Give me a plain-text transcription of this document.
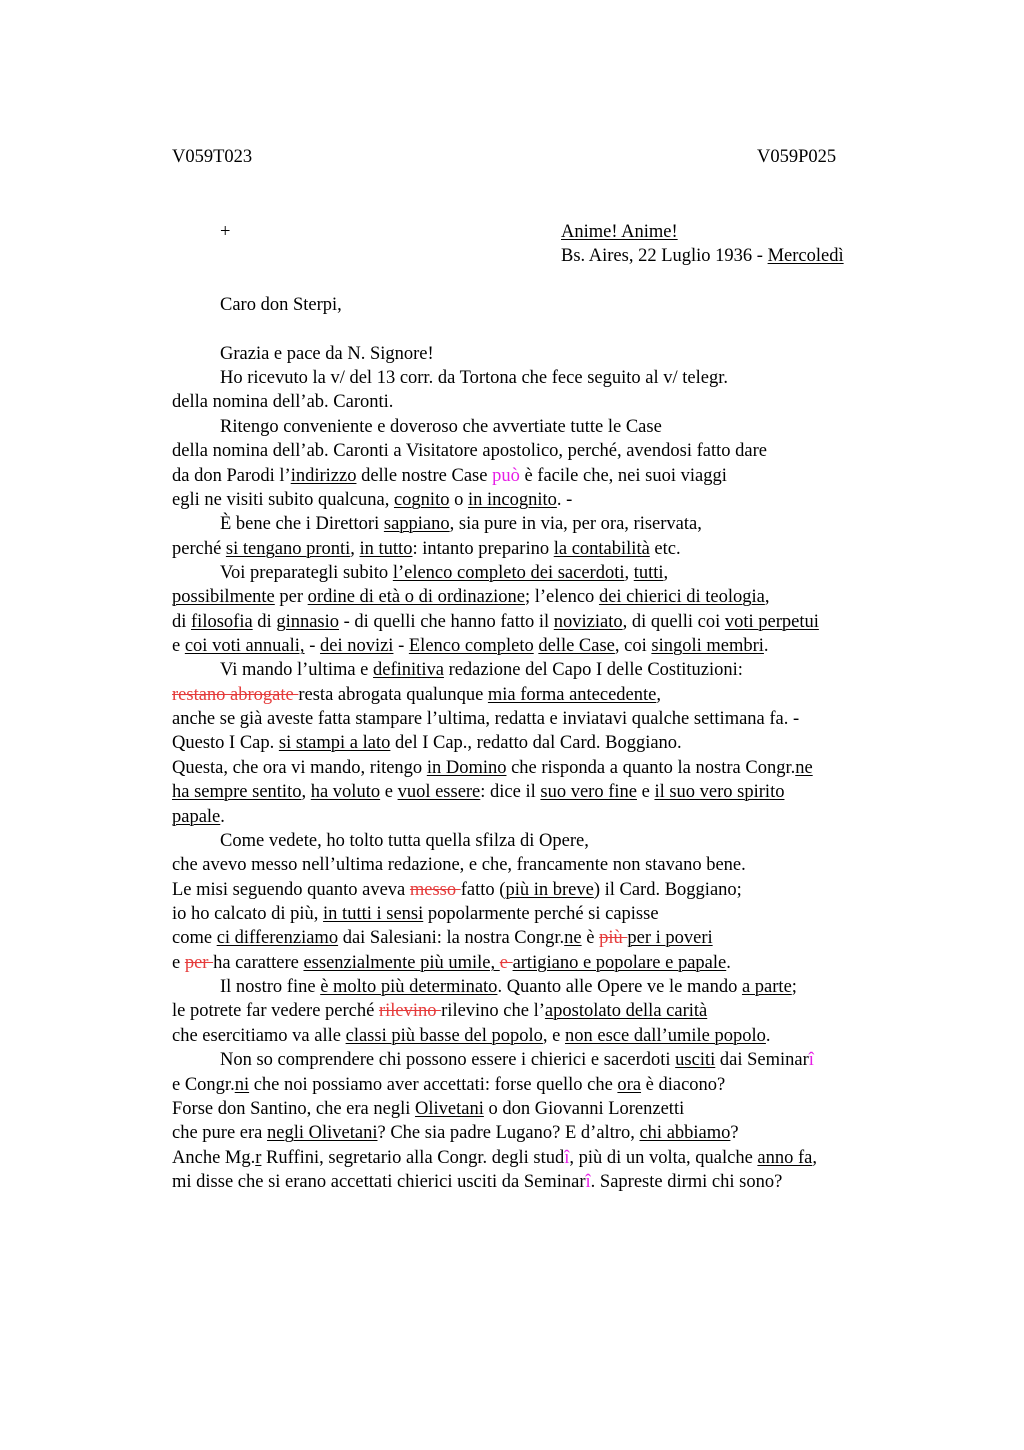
V059T023	V059P025
+	Anime! Anime!
Bs. Aires, 22 Luglio 1936 - Mercoledì
Caro don Sterpi,
Grazia e pace da N. Signore!
Ho ricevuto la v/ del 13 corr. da Tortona che fece seguito al v/ telegr.
della nomina dell’ab. Caronti.
Ritengo conveniente e doveroso che avvertiate tutte le Case
della nomina dell’ab. Caronti a Visitatore apostolico, perché, avendosi fatto dare
da don Parodi l’indirizzo delle nostre Case può è facile che, nei suoi viaggi
egli ne visiti subito qualcuna, cognito o in incognito. -
È bene che i Direttori sappiano, sia pure in via, per ora, riservata,
perché si tengano pronti, in tutto: intanto preparino la contabilità etc.
Voi preparategli subito l’elenco completo dei sacerdoti, tutti,
possibilmente per ordine di età o di ordinazione; l’elenco dei chierici di teologia,
di filosofia di ginnasio - di quelli che hanno fatto il noviziato, di quelli coi voti perpetui
e coi voti annuali, - dei novizi - Elenco completo delle Case, coi singoli membri.
Vi mando l’ultima e definitiva redazione del Capo I delle Costituzioni:
restano abrogate resta abrogata qualunque mia forma antecedente,
anche se già aveste fatta stampare l’ultima, redatta e inviatavi qualche settimana fa. -
Questo I Cap. si stampi a lato del I Cap., redatto dal Card. Boggiano.
Questa, che ora vi mando, ritengo in Domino che risponda a quanto la nostra Congr.ne
ha sempre sentito, ha voluto e vuol essere: dice il suo vero fine e il suo vero spirito
papale.
Come vedete, ho tolto tutta quella sfilza di Opere,
che avevo messo nell’ultima redazione, e che, francamente non stavano bene.
Le misi seguendo quanto aveva messo fatto (più in breve) il Card. Boggiano;
io ho calcato di più, in tutti i sensi popolarmente perché si capisse
come ci differenziamo dai Salesiani: la nostra Congr.ne è più per i poveri
e per ha carattere essenzialmente più umile, e artigiano e popolare e papale.
Il nostro fine è molto più determinato. Quanto alle Opere ve le mando a parte;
le potrete far vedere perché rilevino rilevino che l’apostolato della carità
che esercitiamo va alle classi più basse del popolo, e non esce dall’umile popolo.
Non so comprendere chi possono essere i chierici e sacerdoti usciti dai Seminarî
e Congr.ni che noi possiamo aver accettati: forse quello che ora è diacono?
Forse don Santino, che era negli Olivetani o don Giovanni Lorenzetti
che pure era negli Olivetani? Che sia padre Lugano? E d’altro, chi abbiamo?
Anche Mg.r Ruffini, segretario alla Congr. degli studî, più di un volta, qualche anno fa,
mi disse che si erano accettati chierici usciti da Seminarî. Sapreste dirmi chi sono?
